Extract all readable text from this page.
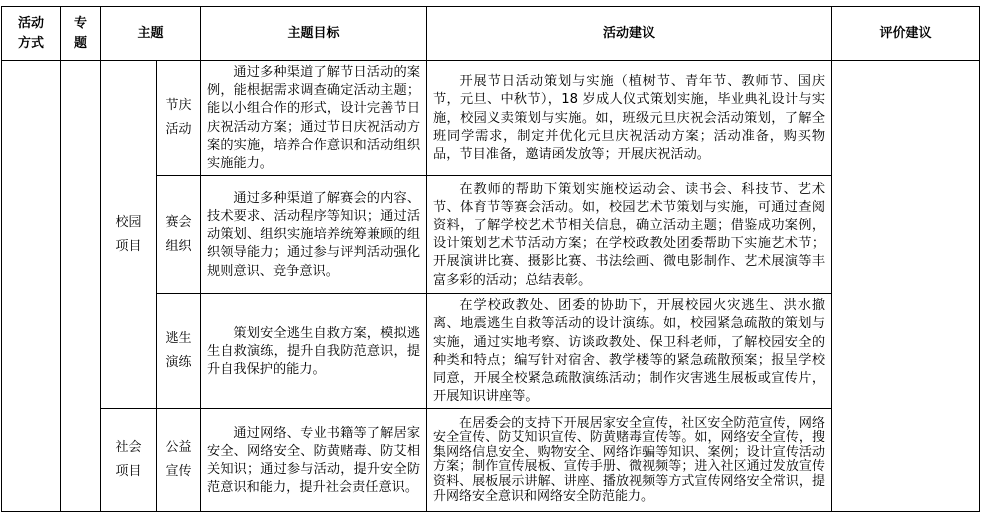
活动方式	专题	主题		主题目标	活动建议	评价建议
		校园项目	节庆活动	通过多种渠道了解节日活动的案例，能根据需求调查确定活动主题；能以小组合作的形式，设计完善节日庆祝活动方案；通过节日庆祝活动方案的实施，培养合作意识和活动组织实施能力。	开展节日活动策划与实施（植树节、青年节、教师节、国庆节，元旦、中秋节），18 岁成人仪式策划实施，毕业典礼设计与实施，校园义卖策划与实施。如，班级元旦庆祝会活动策划，了解全班同学需求，制定并优化元旦庆祝活动方案；活动准备，购买物品，节目准备，邀请函发放等；开展庆祝活动。	
			赛会组织	通过多种渠道了解赛会的内容、技术要求、活动程序等知识；通过活动策划、组织实施培养统筹兼顾的组织领导能力；通过参与评判活动强化规则意识、竞争意识。	在教师的帮助下策划实施校运动会、读书会、科技节、艺术节、体育节等赛会活动。如，校园艺术节策划与实施，可通过查阅资料，了解学校艺术节相关信息，确立活动主题；借鉴成功案例，设计策划艺术节活动方案；在学校政教处团委帮助下实施艺术节；开展演讲比赛、摄影比赛、书法绘画、微电影制作、艺术展演等丰富多彩的活动；总结表彰。	
			逃生演练	策划安全逃生自救方案，模拟逃生自救演练，提升自我防范意识，提升自我保护的能力。	在学校政教处、团委的协助下，开展校园火灾逃生、洪水撤离、地震逃生自救等活动的设计演练。如，校园紧急疏散的策划与实施，通过实地考察、访谈政教处、保卫科老师，了解校园安全的种类和特点；编写针对宿舍、教学楼等的紧急疏散预案；报呈学校同意，开展全校紧急疏散演练活动；制作灾害逃生展板或宣传片，开展知识讲座等。	
		社会项目	公益宣传	通过网络、专业书籍等了解居家安全、网络安全、防黄赌毒、防艾相关知识；通过参与活动，提升安全防范意识和能力，提升社会责任意识。	在居委会的支持下开展居家安全宣传，社区安全防范宣传，网络安全宣传、防艾知识宣传、防黄赌毒宣传等。如，网络安全宣传，搜集网络信息安全、购物安全、网络诈骗等知识、案例；设计宣传活动方案；制作宣传展板、宣传手册、微视频等；进入社区通过发放宣传资料、展板展示讲解、讲座、播放视频等方式宣传网络安全常识，提升网络安全意识和网络安全防范能力。	
